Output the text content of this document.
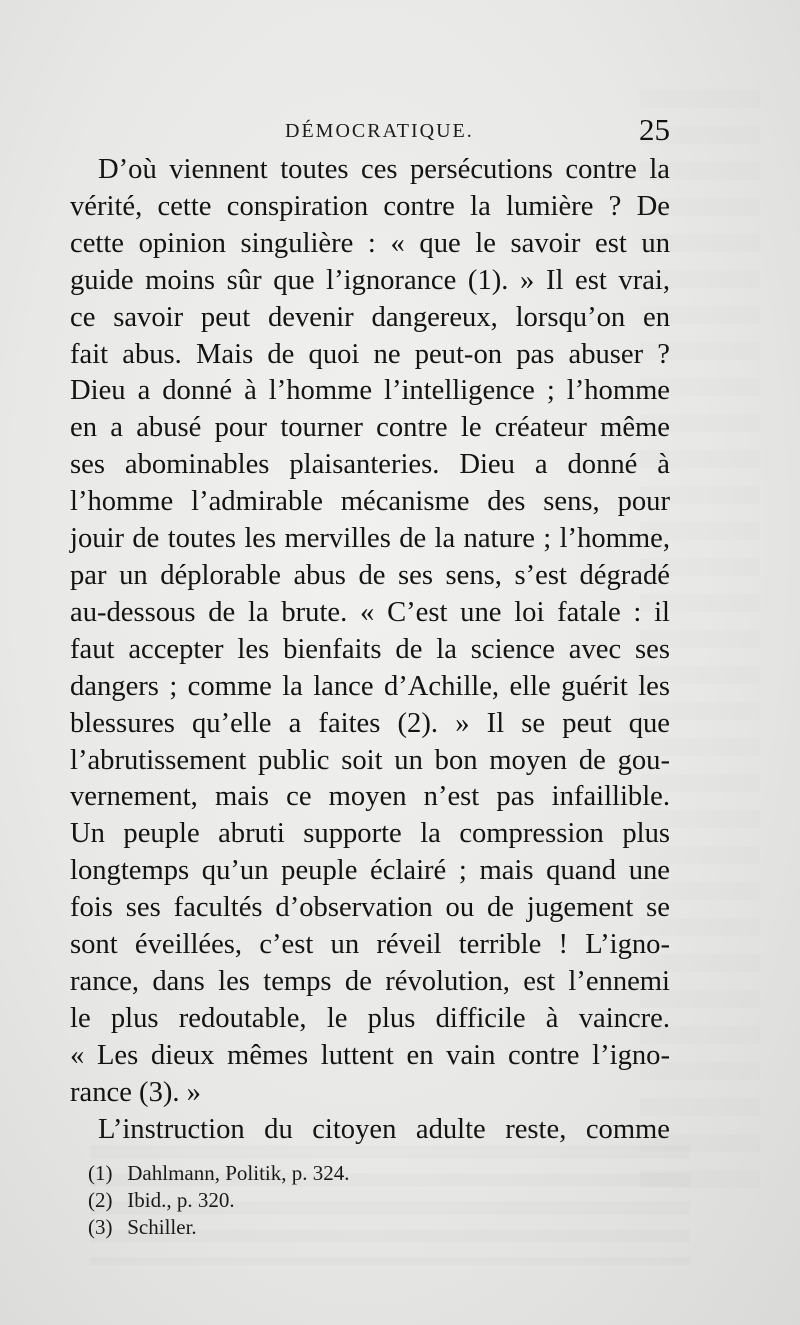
DÉMOCRATIQUE.	25
D’où viennent toutes ces persécutions contre la
vérité, cette conspiration contre la lumière ? De
cette opinion singulière : « que le savoir est un
guide moins sûr que l’ignorance (1). » Il est vrai,
ce savoir peut devenir dangereux, lorsqu’on en
fait abus. Mais de quoi ne peut-on pas abuser ?
Dieu a donné à l’homme l’intelligence ; l’homme
en a abusé pour tourner contre le créateur même
ses abominables plaisanteries. Dieu a donné à
l’homme l’admirable mécanisme des sens, pour
jouir de toutes les mervilles de la nature ; l’homme,
par un déplorable abus de ses sens, s’est dégradé
au-dessous de la brute. « C’est une loi fatale : il
faut accepter les bienfaits de la science avec ses
dangers ; comme la lance d’Achille, elle guérit les
blessures qu’elle a faites (2). » Il se peut que
l’abrutissement public soit un bon moyen de gou-
vernement, mais ce moyen n’est pas infaillible.
Un peuple abruti supporte la compression plus
longtemps qu’un peuple éclairé ; mais quand une
fois ses facultés d’observation ou de jugement se
sont éveillées, c’est un réveil terrible ! L’igno-
rance, dans les temps de révolution, est l’ennemi
le plus redoutable, le plus difficile à vaincre.
« Les dieux mêmes luttent en vain contre l’igno-
rance (3). »
L’instruction du citoyen adulte reste, comme
(1) Dahlmann, Politik, p. 324.
(2) Ibid., p. 320.
(3) Schiller.
